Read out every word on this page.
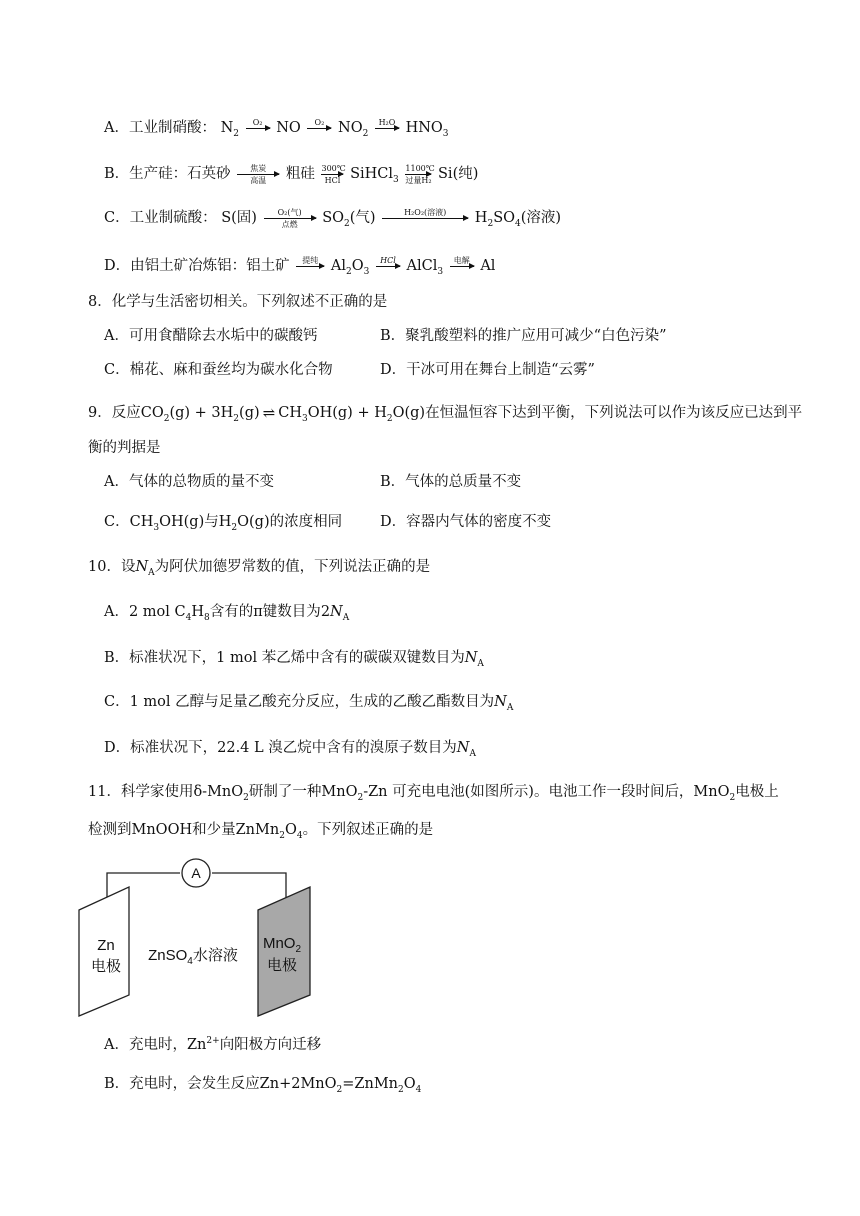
A．工业制硝酸： $N_2$
O₂ NO	O₂ $NO_2$
H₂O $HNO_3$
B．生产硅：石英砂	焦炭
高温	粗硅 300℃
HCl SiHCl$_3$
1100℃
过量H₂ Si(纯)
C．工业制硫酸： S(固)	O₂(气)
点燃	$SO_2$(气)	H₂O₂(溶液)	$H_2SO_4$(溶液)
D．由铝土矿冶炼铝：铝土矿	提纯 $Al_2O_3$
HCl AlCl$_3$
电解 Al
8．化学与生活密切相关。下列叙述不正确的是
A．可用食醋除去水垢中的碳酸钙	B．聚乳酸塑料的推广应用可减少“白色污染”
C．棉花、麻和蚕丝均为碳水化合物	D．干冰可用在舞台上制造“云雾”
9．反应$CO_2(g) + 3H_2(g)$ ⇌ $CH_3OH(g) + H_2O(g)$在恒温恒容下达到平衡，下列说法可以作为该反应已达到平
衡的判据是
A．气体的总物质的量不变	B．气体的总质量不变
C．$CH_3OH(g)$与$H_2O(g)$的浓度相同	D．容器内气体的密度不变
10．设$N_A$为阿伏加德罗常数的值，下列说法正确的是
A．2 mol $C_4H_8$含有的π键数目为$2N_A$
B．标准状况下，1 mol 苯乙烯中含有的碳碳双键数目为$N_A$
C．1 mol 乙醇与足量乙酸充分反应，生成的乙酸乙酯数目为$N_A$
D．标准状况下，22.4 L 溴乙烷中含有的溴原子数目为$N_A$
11．科学家使用δ-MnO$_2$研制了一种MnO$_2$-Zn 可充电电池(如图所示)。电池工作一段时间后，MnO$_2$电极上
检测到MnOOH和少量$ZnMn_2O_4$。下列叙述正确的是
A
Zn
电极
MnO$_2$
电极
ZnSO$_4$水溶液
A．充电时，$Zn^{2+}$向阳极方向迁移
B．充电时，会发生反应$Zn+2MnO_2=ZnMn_2O_4$
